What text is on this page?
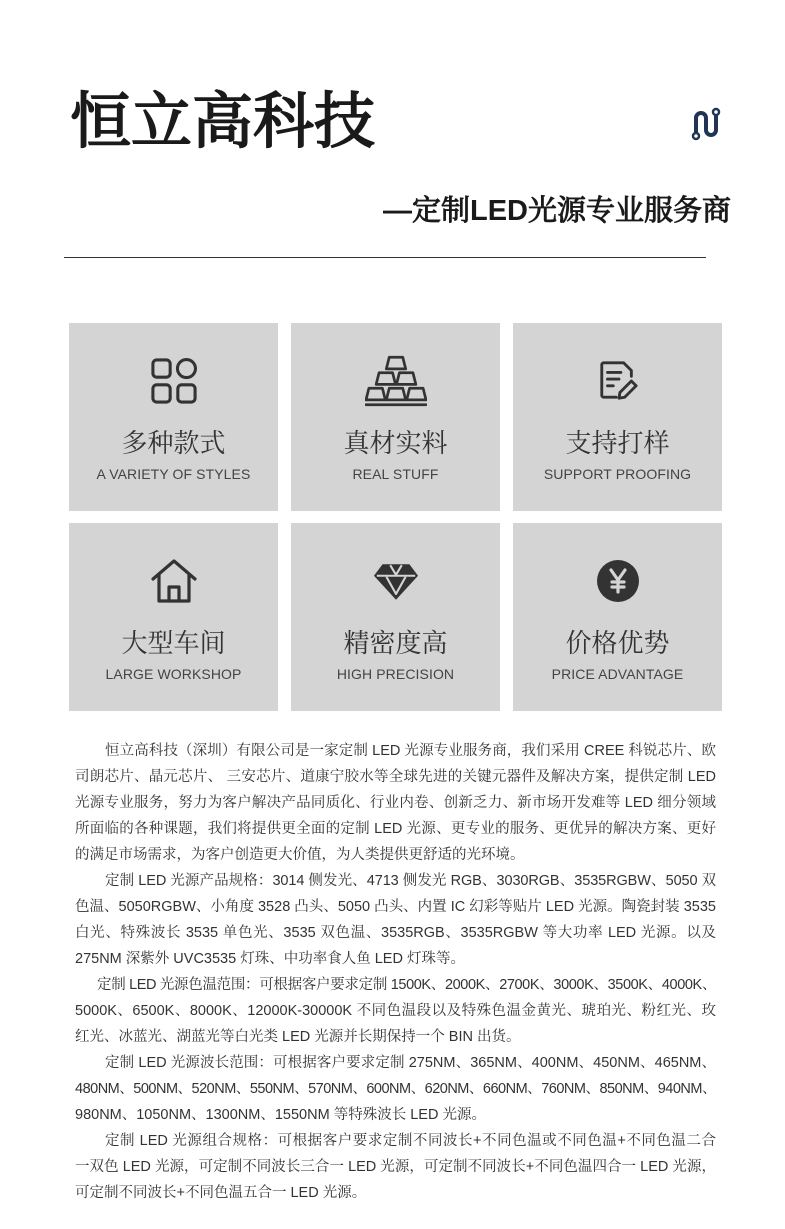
恒立高科技
—定制LED光源专业服务商
多种款式
A VARIETY OF STYLES
真材实料
REAL STUFF
支持打样
SUPPORT PROOFING
大型车间
LARGE WORKSHOP
精密度高
HIGH PRECISION
价格优势
PRICE ADVANTAGE
恒立高科技（深圳）有限公司是一家定制 LED 光源专业服务商，我们采用 CREE 科锐芯片、欧
司朗芯片、晶元芯片、 三安芯片、道康宁胶水等全球先进的关键元器件及解决方案，提供定制 LED
光源专业服务，努力为客户解决产品同质化、行业内卷、创新乏力、新市场开发难等 LED 细分领域
所面临的各种课题，我们将提供更全面的定制 LED 光源、更专业的服务、更优异的解决方案、更好
的满足市场需求，为客户创造更大价值，为人类提供更舒适的光环境。
定制 LED 光源产品规格：3014 侧发光、4713 侧发光 RGB、3030RGB、3535RGBW、5050 双
色温、5050RGBW、小角度 3528 凸头、5050 凸头、内置 IC 幻彩等贴片 LED 光源。陶瓷封装 3535
白光、特殊波长 3535 单色光、3535 双色温、3535RGB、3535RGBW 等大功率 LED 光源。以及
275NM 深紫外 UVC3535 灯珠、中功率食人鱼 LED 灯珠等。
定制 LED 光源色温范围：可根据客户要求定制 1500K、2000K、2700K、3000K、3500K、4000K、
5000K、6500K、8000K、12000K-30000K 不同色温段以及特殊色温金黄光、琥珀光、粉红光、玫
红光、冰蓝光、湖蓝光等白光类 LED 光源并长期保持一个 BIN 出货。
定制 LED 光源波长范围：可根据客户要求定制 275NM、365NM、400NM、450NM、465NM、
480NM、500NM、520NM、550NM、570NM、600NM、620NM、660NM、760NM、850NM、940NM、
980NM、1050NM、1300NM、1550NM 等特殊波长 LED 光源。
定制 LED 光源组合规格：可根据客户要求定制不同波长+不同色温或不同色温+不同色温二合
一双色 LED 光源，可定制不同波长三合一 LED 光源，可定制不同波长+不同色温四合一 LED 光源，
可定制不同波长+不同色温五合一 LED 光源。
